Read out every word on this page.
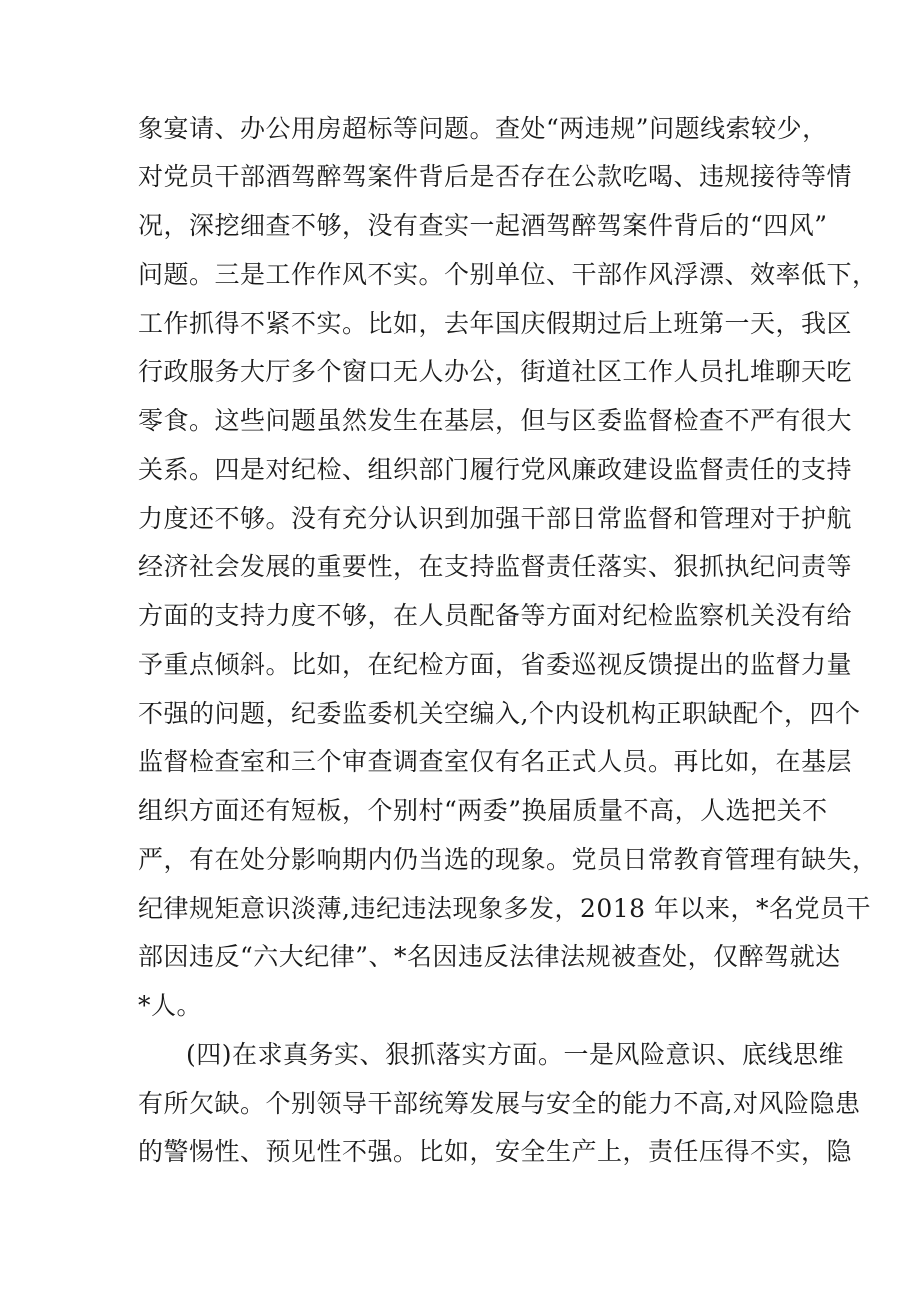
象宴请、办公用房超标等问题。查处“两违规”问题线索较少，
对党员干部酒驾醉驾案件背后是否存在公款吃喝、违规接待等情
况，深挖细查不够，没有查实一起酒驾醉驾案件背后的“四风”
问题。三是工作作风不实。个别单位、干部作风浮漂、效率低下，
工作抓得不紧不实。比如，去年国庆假期过后上班第一天，我区
行政服务大厅多个窗口无人办公，街道社区工作人员扎堆聊天吃
零食。这些问题虽然发生在基层，但与区委监督检查不严有很大
关系。四是对纪检、组织部门履行党风廉政建设监督责任的支持
力度还不够。没有充分认识到加强干部日常监督和管理对于护航
经济社会发展的重要性，在支持监督责任落实、狠抓执纪问责等
方面的支持力度不够，在人员配备等方面对纪检监察机关没有给
予重点倾斜。比如，在纪检方面，省委巡视反馈提出的监督力量
不强的问题，纪委监委机关空编入,个内设机构正职缺配个，四个
监督检查室和三个审查调查室仅有名正式人员。再比如，在基层
组织方面还有短板，个别村“两委”换届质量不高，人选把关不
严，有在处分影响期内仍当选的现象。党员日常教育管理有缺失，
纪律规矩意识淡薄,违纪违法现象多发，2018 年以来，*名党员干
部因违反“六大纪律”、*名因违反法律法规被查处，仅醉驾就达
*人。
(四)在求真务实、狠抓落实方面。一是风险意识、底线思维
有所欠缺。个别领导干部统筹发展与安全的能力不高,对风险隐患
的警惕性、预见性不强。比如，安全生产上，责任压得不实，隐
